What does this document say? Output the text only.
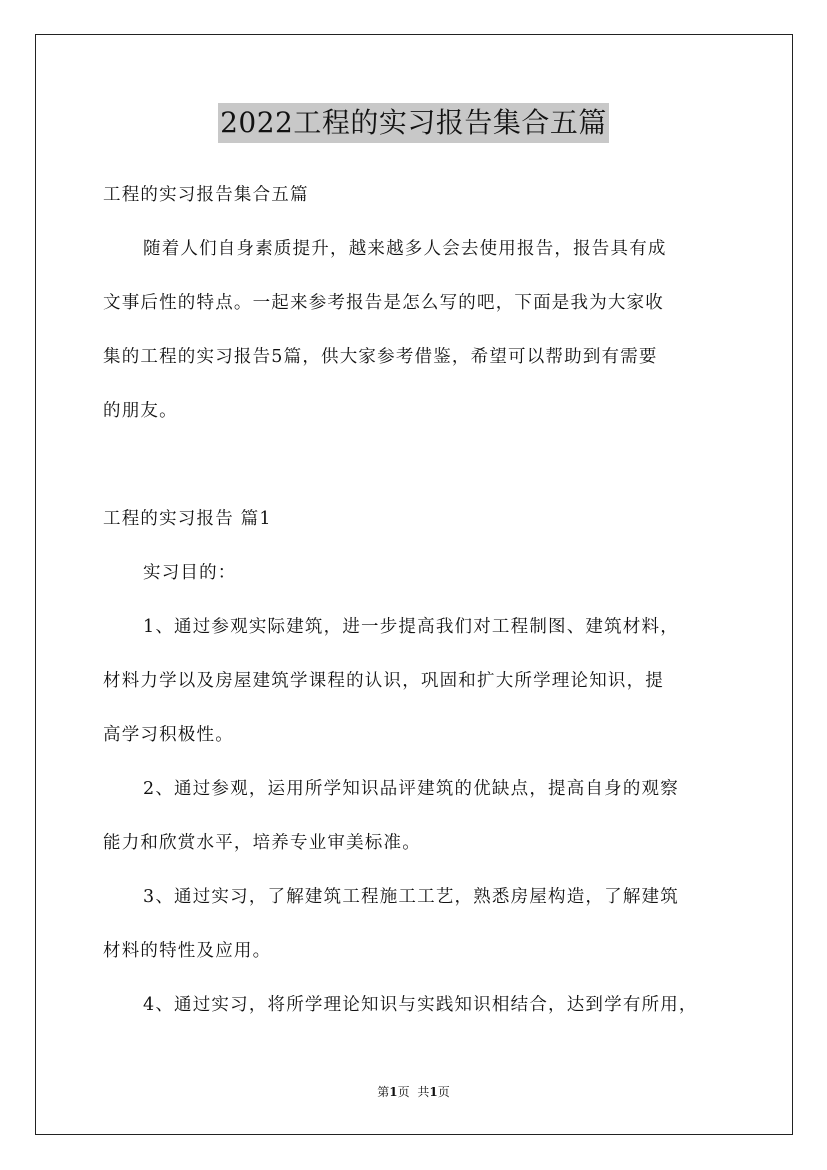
2022工程的实习报告集合五篇
工程的实习报告集合五篇
随着人们自身素质提升，越来越多人会去使用报告，报告具有成
文事后性的特点。一起来参考报告是怎么写的吧，下面是我为大家收
集的工程的实习报告5篇，供大家参考借鉴，希望可以帮助到有需要
的朋友。
工程的实习报告 篇1
实习目的：
1、通过参观实际建筑，进一步提高我们对工程制图、建筑材料，
材料力学以及房屋建筑学课程的认识，巩固和扩大所学理论知识，提
高学习积极性。
2、通过参观，运用所学知识品评建筑的优缺点，提高自身的观察
能力和欣赏水平，培养专业审美标准。
3、通过实习，了解建筑工程施工工艺，熟悉房屋构造，了解建筑
材料的特性及应用。
4、通过实习，将所学理论知识与实践知识相结合，达到学有所用，
第1页 共1页
